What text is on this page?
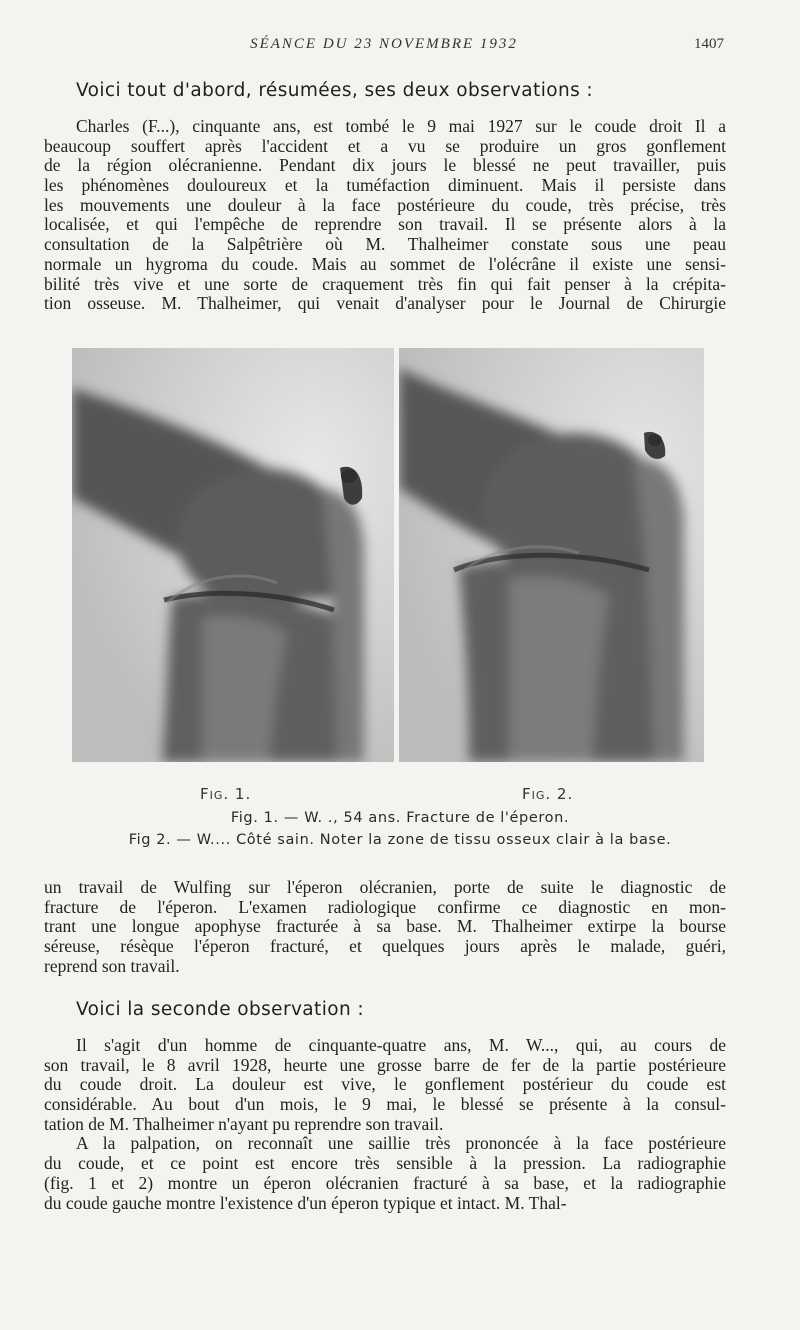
SÉANCE DU 23 NOVEMBRE 1932	1407
Voici tout d'abord, résumées, ses deux observations :
Charles (F...), cinquante ans, est tombé le 9 mai 1927 sur le coude droit Il a
beaucoup souffert après l'accident et a vu se produire un gros gonflement
de la région olécranienne. Pendant dix jours le blessé ne peut travailler, puis
les phénomènes douloureux et la tuméfaction diminuent. Mais il persiste dans
les mouvements une douleur à la face postérieure du coude, très précise, très
localisée, et qui l'empêche de reprendre son travail. Il se présente alors à la
consultation de la Salpêtrière où M. Thalheimer constate sous une peau
normale un hygroma du coude. Mais au sommet de l'olécrâne il existe une sensi-
bilité très vive et une sorte de craquement très fin qui fait penser à la crépita-
tion osseuse. M. Thalheimer, qui venait d'analyser pour le Journal de Chirurgie
Fig. 1.	Fig. 2.
Fig. 1. — W. ., 54 ans. Fracture de l'éperon.
Fig 2. — W.... Côté sain. Noter la zone de tissu osseux clair à la base.
un travail de Wulfing sur l'éperon olécranien, porte de suite le diagnostic de
fracture de l'éperon. L'examen radiologique confirme ce diagnostic en mon-
trant une longue apophyse fracturée à sa base. M. Thalheimer extirpe la bourse
séreuse, résèque l'éperon fracturé, et quelques jours après le malade, guéri,
reprend son travail.
Voici la seconde observation :
Il s'agit d'un homme de cinquante-quatre ans, M. W..., qui, au cours de
son travail, le 8 avril 1928, heurte une grosse barre de fer de la partie postérieure
du coude droit. La douleur est vive, le gonflement postérieur du coude est
considérable. Au bout d'un mois, le 9 mai, le blessé se présente à la consul-
tation de M. Thalheimer n'ayant pu reprendre son travail.
A la palpation, on reconnaît une saillie très prononcée à la face postérieure
du coude, et ce point est encore très sensible à la pression. La radiographie
(fig. 1 et 2) montre un éperon olécranien fracturé à sa base, et la radiographie
du coude gauche montre l'existence d'un éperon typique et intact. M. Thal-
